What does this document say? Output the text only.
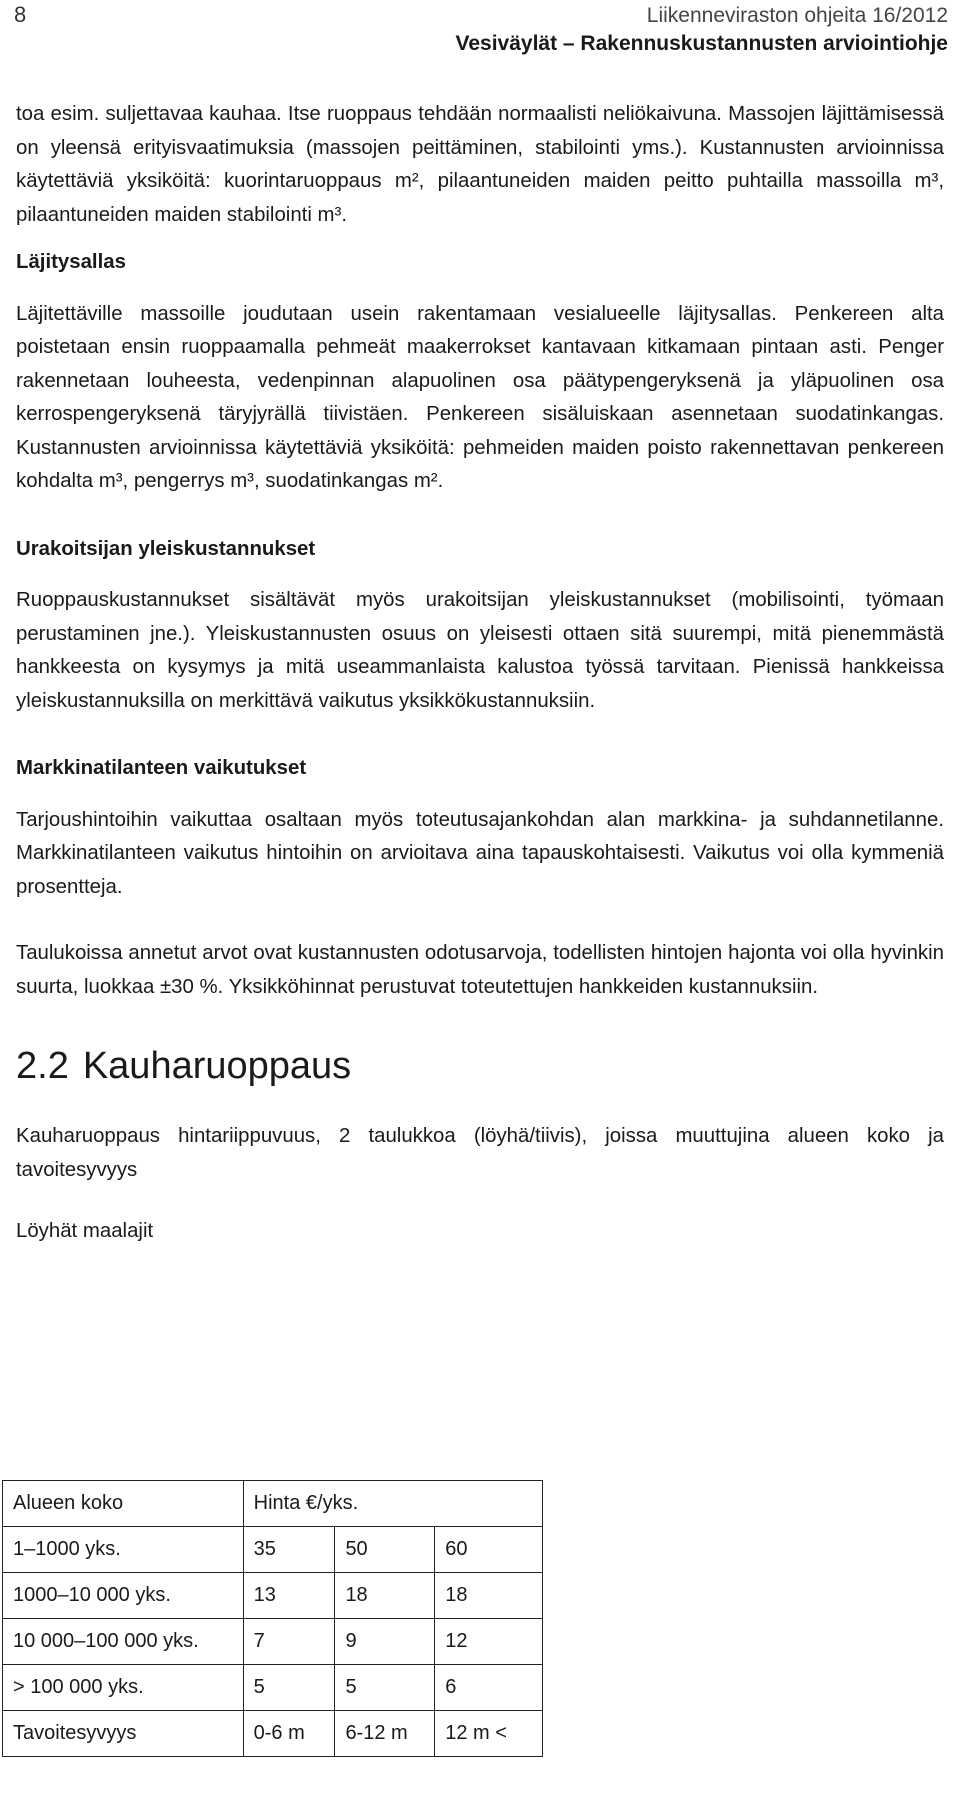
8	Liikenneviraston ohjeita 16/2012
Vesiväylät – Rakennuskustannusten arviointiohje

toa esim. suljettavaa kauhaa. Itse ruoppaus tehdään normaalisti neliökaivuna. Massojen läjittämisessä on yleensä erityisvaatimuksia (massojen peittäminen, stabilointi yms.). Kustannusten arvioinnissa käytettäviä yksiköitä: kuorintaruoppaus m², pilaantuneiden maiden peitto puhtailla massoilla m³, pilaantuneiden maiden stabilointi m³.

Läjitysallas

Läjitettäville massoille joudutaan usein rakentamaan vesialueelle läjitysallas. Penkereen alta poistetaan ensin ruoppaamalla pehmeät maakerrokset kantavaan kitkamaan pintaan asti. Penger rakennetaan louheesta, vedenpinnan alapuolinen osa päätypengeryksenä ja yläpuolinen osa kerrospengeryksenä täryjyrällä tiivistäen. Penkereen sisäluiskaan asennetaan suodatinkangas. Kustannusten arvioinnissa käytettäviä yksiköitä: pehmeiden maiden poisto rakennettavan penkereen kohdalta m³, pengerrys m³, suodatinkangas m².

Urakoitsijan yleiskustannukset

Ruoppauskustannukset sisältävät myös urakoitsijan yleiskustannukset (mobilisointi, työmaan perustaminen jne.). Yleiskustannusten osuus on yleisesti ottaen sitä suurempi, mitä pienemmästä hankkeesta on kysymys ja mitä useammanlaista kalustoa työssä tarvitaan. Pienissä hankkeissa yleiskustannuksilla on merkittävä vaikutus yksikkökustannuksiin.

Markkinatilanteen vaikutukset

Tarjoushintoihin vaikuttaa osaltaan myös toteutusajankohdan alan markkina- ja suhdannetilanne. Markkinatilanteen vaikutus hintoihin on arvioitava aina tapauskohtaisesti. Vaikutus voi olla kymmeniä prosentteja.

Taulukoissa annetut arvot ovat kustannusten odotusarvoja, todellisten hintojen hajonta voi olla hyvinkin suurta, luokkaa ±30 %. Yksikköhinnat perustuvat toteutettujen hankkeiden kustannuksiin.

2.2 Kauharuoppaus

Kauharuoppaus hintariippuvuus, 2 taulukkoa (löyhä/tiivis), joissa muuttujina alueen koko ja tavoitesyvyys

Löyhät maalajit

Alueen koko	Hinta €/yks.		
1–1000 yks.	35	50	60
1000–10 000 yks.	13	18	18
10 000–100 000 yks.	7	9	12
> 100 000 yks.	5	5	6
Tavoitesyvyys	0-6 m	6-12 m	12 m <
